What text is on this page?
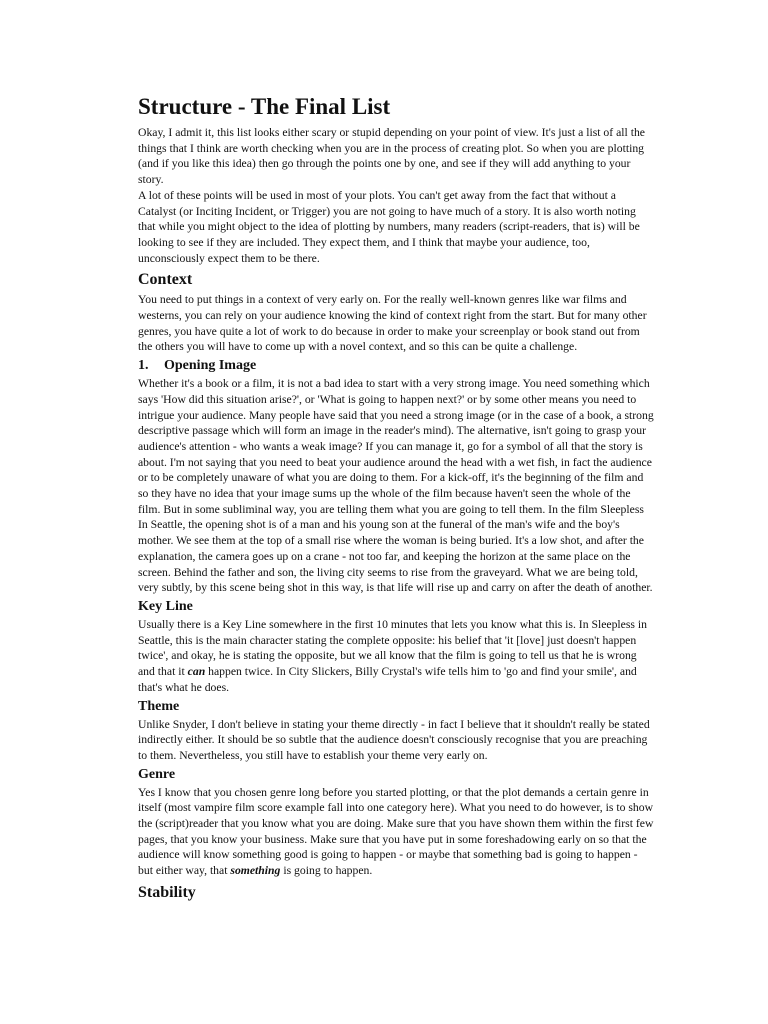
Structure - The Final List

Okay, I admit it, this list looks either scary or stupid depending on your point of view. It's just a list of all the things that I think are worth checking when you are in the process of creating plot. So when you are plotting (and if you like this idea) then go through the points one by one, and see if they will add anything to your story.

A lot of these points will be used in most of your plots. You can't get away from the fact that without a Catalyst (or Inciting Incident, or Trigger) you are not going to have much of a story. It is also worth noting that while you might object to the idea of plotting by numbers, many readers (script-readers, that is) will be looking to see if they are included. They expect them, and I think that maybe your audience, too, unconsciously expect them to be there.

Context

You need to put things in a context of very early on. For the really well-known genres like war films and westerns, you can rely on your audience knowing the kind of context right from the start. But for many other genres, you have quite a lot of work to do because in order to make your screenplay or book stand out from the others you will have to come up with a novel context, and so this can be quite a challenge.

1. Opening Image

Whether it's a book or a film, it is not a bad idea to start with a very strong image. You need something which says 'How did this situation arise?', or 'What is going to happen next?' or by some other means you need to intrigue your audience. Many people have said that you need a strong image (or in the case of a book, a strong descriptive passage which will form an image in the reader's mind). The alternative, isn't going to grasp your audience's attention - who wants a weak image? If you can manage it, go for a symbol of all that the story is about. I'm not saying that you need to beat your audience around the head with a wet fish, in fact the audience or to be completely unaware of what you are doing to them. For a kick-off, it's the beginning of the film and so they have no idea that your image sums up the whole of the film because haven't seen the whole of the film. But in some subliminal way, you are telling them what you are going to tell them. In the film Sleepless In Seattle, the opening shot is of a man and his young son at the funeral of the man's wife and the boy's mother. We see them at the top of a small rise where the woman is being buried. It's a low shot, and after the explanation, the camera goes up on a crane - not too far, and keeping the horizon at the same place on the screen. Behind the father and son, the living city seems to rise from the graveyard. What we are being told, very subtly, by this scene being shot in this way, is that life will rise up and carry on after the death of another.

Key Line

Usually there is a Key Line somewhere in the first 10 minutes that lets you know what this is. In Sleepless in Seattle, this is the main character stating the complete opposite: his belief that 'it [love] just doesn't happen twice', and okay, he is stating the opposite, but we all know that the film is going to tell us that he is wrong and that it can happen twice. In City Slickers, Billy Crystal's wife tells him to 'go and find your smile', and that's what he does.

Theme

Unlike Snyder, I don't believe in stating your theme directly - in fact I believe that it shouldn't really be stated indirectly either. It should be so subtle that the audience doesn't consciously recognise that you are preaching to them. Nevertheless, you still have to establish your theme very early on.

Genre

Yes I know that you chosen genre long before you started plotting, or that the plot demands a certain genre in itself (most vampire film score example fall into one category here). What you need to do however, is to show the (script)reader that you know what you are doing. Make sure that you have shown them within the first few pages, that you know your business. Make sure that you have put in some foreshadowing early on so that the audience will know something good is going to happen - or maybe that something bad is going to happen - but either way, that something is going to happen.

Stability
